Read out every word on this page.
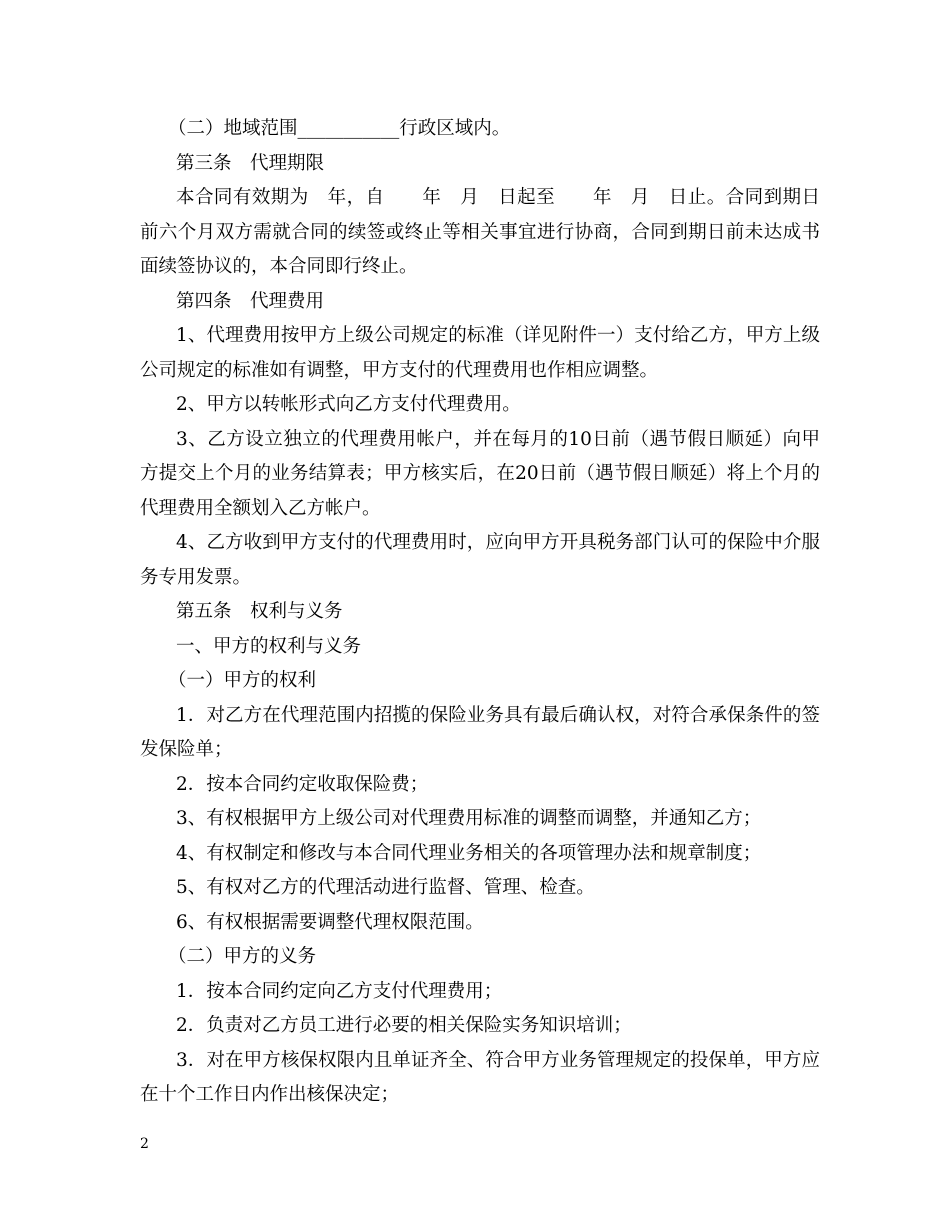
（二）地域范围___________行政区域内。

第三条　代理期限

本合同有效期为　年，自　　年　月　日起至　　年　月　日止。合同到期日前六个月双方需就合同的续签或终止等相关事宜进行协商，合同到期日前未达成书面续签协议的，本合同即行终止。

第四条　代理费用

1、代理费用按甲方上级公司规定的标准（详见附件一）支付给乙方，甲方上级公司规定的标准如有调整，甲方支付的代理费用也作相应调整。

2、甲方以转帐形式向乙方支付代理费用。

3、乙方设立独立的代理费用帐户，并在每月的10日前（遇节假日顺延）向甲方提交上个月的业务结算表；甲方核实后，在20日前（遇节假日顺延）将上个月的代理费用全额划入乙方帐户。

4、乙方收到甲方支付的代理费用时，应向甲方开具税务部门认可的保险中介服务专用发票。

第五条　权利与义务

一、甲方的权利与义务

（一）甲方的权利

1．对乙方在代理范围内招揽的保险业务具有最后确认权，对符合承保条件的签发保险单；

2．按本合同约定收取保险费；

3、有权根据甲方上级公司对代理费用标准的调整而调整，并通知乙方；

4、有权制定和修改与本合同代理业务相关的各项管理办法和规章制度；

5、有权对乙方的代理活动进行监督、管理、检查。

6、有权根据需要调整代理权限范围。

（二）甲方的义务

1．按本合同约定向乙方支付代理费用；

2．负责对乙方员工进行必要的相关保险实务知识培训；

3．对在甲方核保权限内且单证齐全、符合甲方业务管理规定的投保单，甲方应在十个工作日内作出核保决定；

2
